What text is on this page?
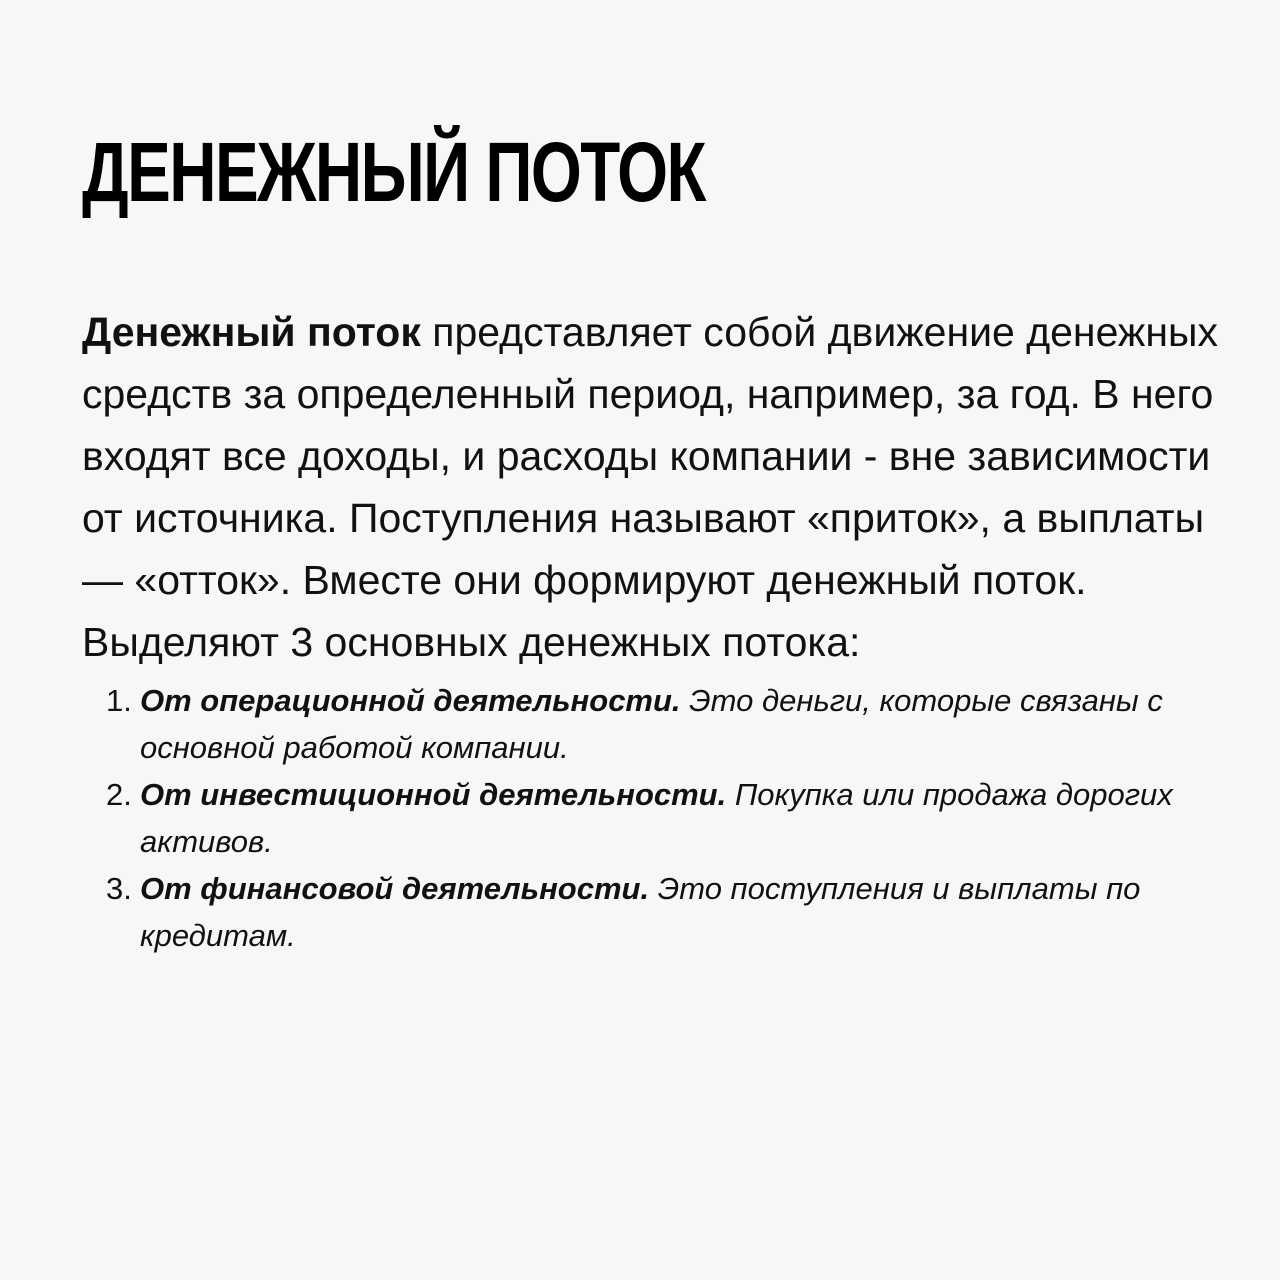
ДЕНЕЖНЫЙ ПОТОК

Денежный поток представляет собой движение денежных средств за определенный период, например, за год. В него входят все доходы, и расходы компании - вне зависимости от источника. Поступления называют «приток», а выплаты — «отток». Вместе они формируют денежный поток. Выделяют 3 основных денежных потока:

1. От операционной деятельности. Это деньги, которые связаны с основной работой компании.
2. От инвестиционной деятельности. Покупка или продажа дорогих активов.
3. От финансовой деятельности. Это поступления и выплаты по кредитам.
